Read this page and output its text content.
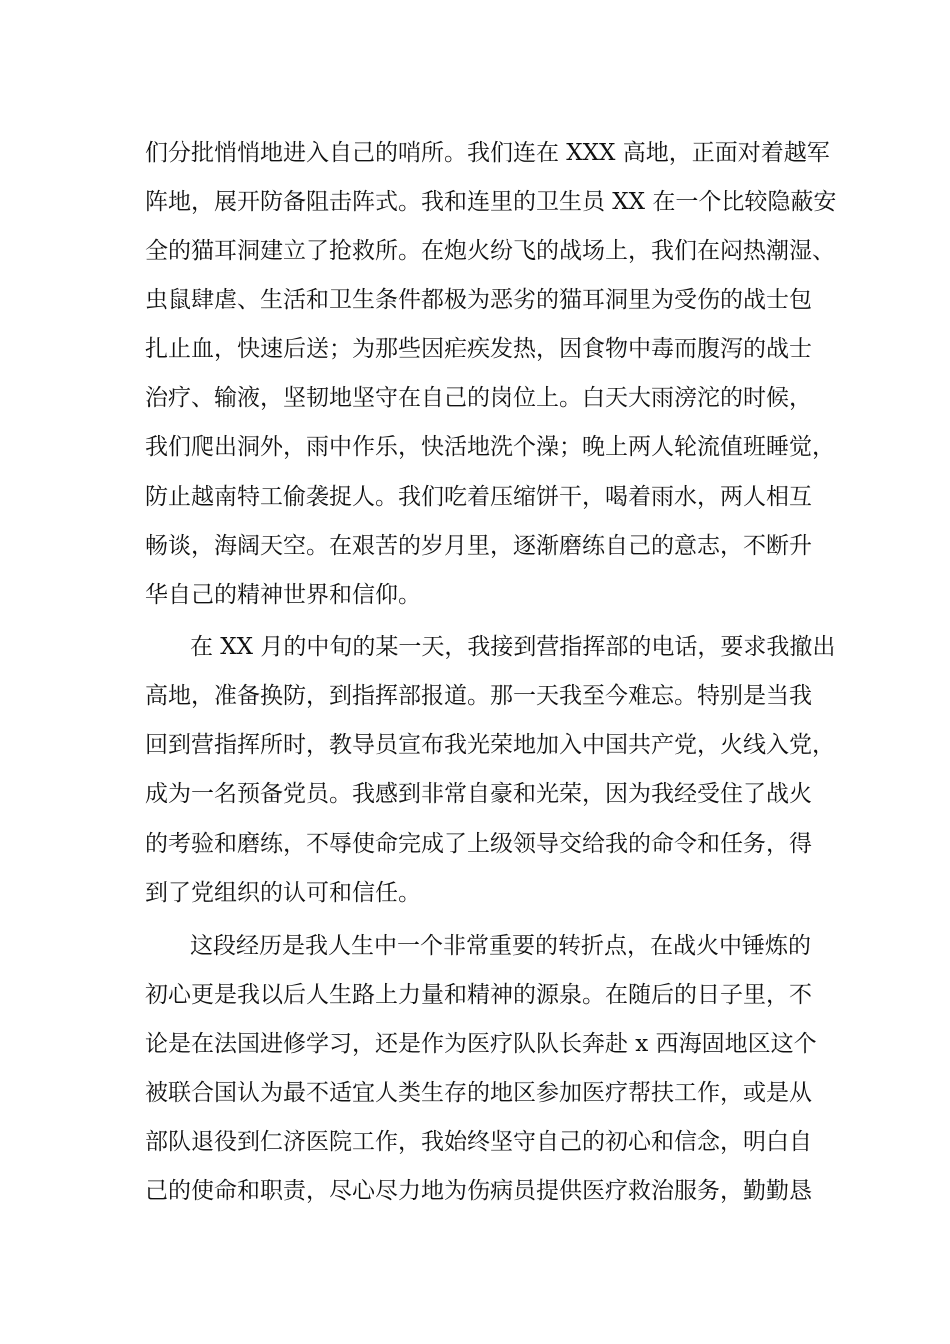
们分批悄悄地进入自己的哨所。我们连在 XXX 高地，正面对着越军
阵地，展开防备阻击阵式。我和连里的卫生员 XX 在一个比较隐蔽安
全的猫耳洞建立了抢救所。在炮火纷飞的战场上，我们在闷热潮湿、
虫鼠肆虐、生活和卫生条件都极为恶劣的猫耳洞里为受伤的战士包
扎止血，快速后送；为那些因疟疾发热，因食物中毒而腹泻的战士
治疗、输液，坚韧地坚守在自己的岗位上。白天大雨滂沱的时候，
我们爬出洞外，雨中作乐，快活地洗个澡；晚上两人轮流值班睡觉，
防止越南特工偷袭捉人。我们吃着压缩饼干，喝着雨水，两人相互
畅谈，海阔天空。在艰苦的岁月里，逐渐磨练自己的意志，不断升
华自己的精神世界和信仰。
在 XX 月的中旬的某一天，我接到营指挥部的电话，要求我撤出
高地，准备换防，到指挥部报道。那一天我至今难忘。特别是当我
回到营指挥所时，教导员宣布我光荣地加入中国共产党，火线入党，
成为一名预备党员。我感到非常自豪和光荣，因为我经受住了战火
的考验和磨练，不辱使命完成了上级领导交给我的命令和任务，得
到了党组织的认可和信任。
这段经历是我人生中一个非常重要的转折点，在战火中锤炼的
初心更是我以后人生路上力量和精神的源泉。在随后的日子里，不
论是在法国进修学习，还是作为医疗队队长奔赴 x 西海固地区这个
被联合国认为最不适宜人类生存的地区参加医疗帮扶工作，或是从
部队退役到仁济医院工作，我始终坚守自己的初心和信念，明白自
己的使命和职责，尽心尽力地为伤病员提供医疗救治服务，勤勤恳
